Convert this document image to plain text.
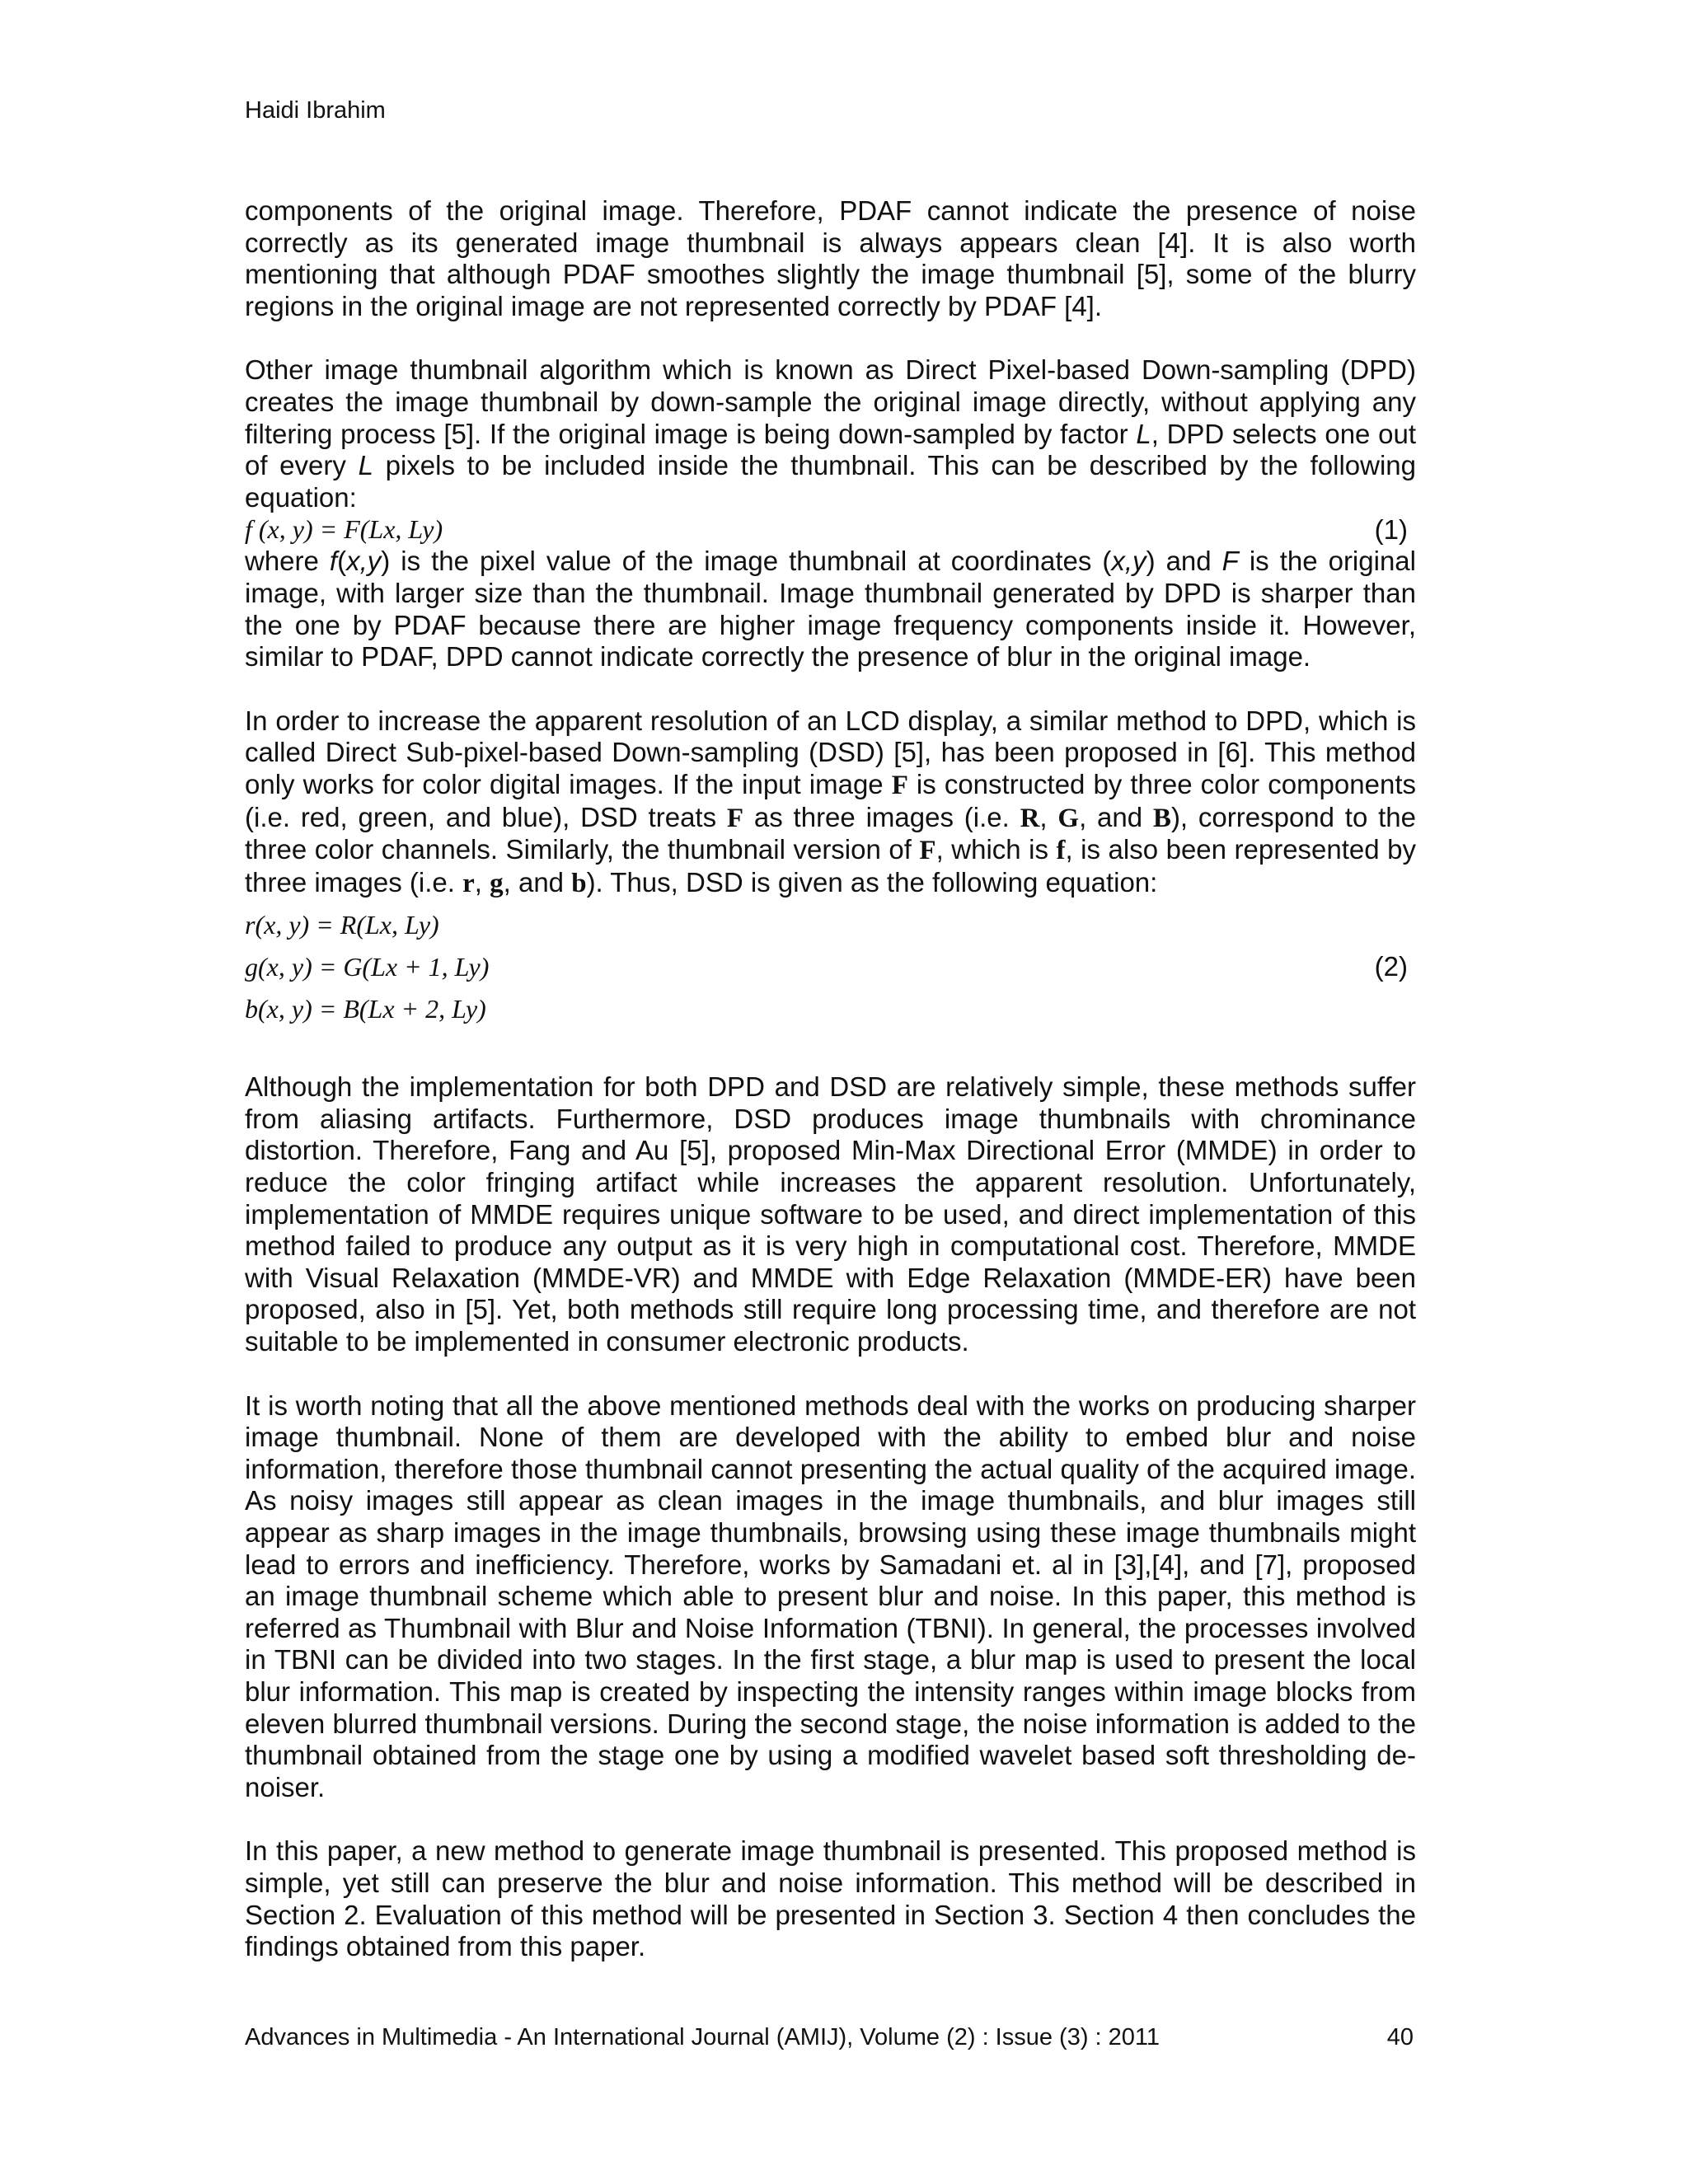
Haidi Ibrahim

components of the original image. Therefore, PDAF cannot indicate the presence of noise correctly as its generated image thumbnail is always appears clean [4]. It is also worth mentioning that although PDAF smoothes slightly the image thumbnail [5], some of the blurry regions in the original image are not represented correctly by PDAF [4].

Other image thumbnail algorithm which is known as Direct Pixel-based Down-sampling (DPD) creates the image thumbnail by down-sample the original image directly, without applying any filtering process [5]. If the original image is being down-sampled by factor L, DPD selects one out of every L pixels to be included inside the thumbnail. This can be described by the following equation:

f (x, y) = F(Lx, Ly)	(1)

where f(x,y) is the pixel value of the image thumbnail at coordinates (x,y) and F is the original image, with larger size than the thumbnail. Image thumbnail generated by DPD is sharper than the one by PDAF because there are higher image frequency components inside it. However, similar to PDAF, DPD cannot indicate correctly the presence of blur in the original image.

In order to increase the apparent resolution of an LCD display, a similar method to DPD, which is called Direct Sub-pixel-based Down-sampling (DSD) [5], has been proposed in [6]. This method only works for color digital images. If the input image F is constructed by three color components (i.e. red, green, and blue), DSD treats F as three images (i.e. R, G, and B), correspond to the three color channels. Similarly, the thumbnail version of F, which is f, is also been represented by three images (i.e. r, g, and b). Thus, DSD is given as the following equation:

r(x, y) = R(Lx, Ly)
g(x, y) = G(Lx + 1, Ly)
b(x, y) = B(Lx + 2, Ly)
(2)

Although the implementation for both DPD and DSD are relatively simple, these methods suffer from aliasing artifacts. Furthermore, DSD produces image thumbnails with chrominance distortion. Therefore, Fang and Au [5], proposed Min-Max Directional Error (MMDE) in order to reduce the color fringing artifact while increases the apparent resolution. Unfortunately, implementation of MMDE requires unique software to be used, and direct implementation of this method failed to produce any output as it is very high in computational cost. Therefore, MMDE with Visual Relaxation (MMDE-VR) and MMDE with Edge Relaxation (MMDE-ER) have been proposed, also in [5]. Yet, both methods still require long processing time, and therefore are not suitable to be implemented in consumer electronic products.

It is worth noting that all the above mentioned methods deal with the works on producing sharper image thumbnail. None of them are developed with the ability to embed blur and noise information, therefore those thumbnail cannot presenting the actual quality of the acquired image. As noisy images still appear as clean images in the image thumbnails, and blur images still appear as sharp images in the image thumbnails, browsing using these image thumbnails might lead to errors and inefficiency. Therefore, works by Samadani et. al in [3],[4], and [7], proposed an image thumbnail scheme which able to present blur and noise. In this paper, this method is referred as Thumbnail with Blur and Noise Information (TBNI). In general, the processes involved in TBNI can be divided into two stages. In the first stage, a blur map is used to present the local blur information. This map is created by inspecting the intensity ranges within image blocks from eleven blurred thumbnail versions. During the second stage, the noise information is added to the thumbnail obtained from the stage one by using a modified wavelet based soft thresholding de-noiser.

In this paper, a new method to generate image thumbnail is presented. This proposed method is simple, yet still can preserve the blur and noise information. This method will be described in Section 2. Evaluation of this method will be presented in Section 3. Section 4 then concludes the findings obtained from this paper.

Advances in Multimedia - An International Journal (AMIJ), Volume (2) : Issue (3) : 2011	40
